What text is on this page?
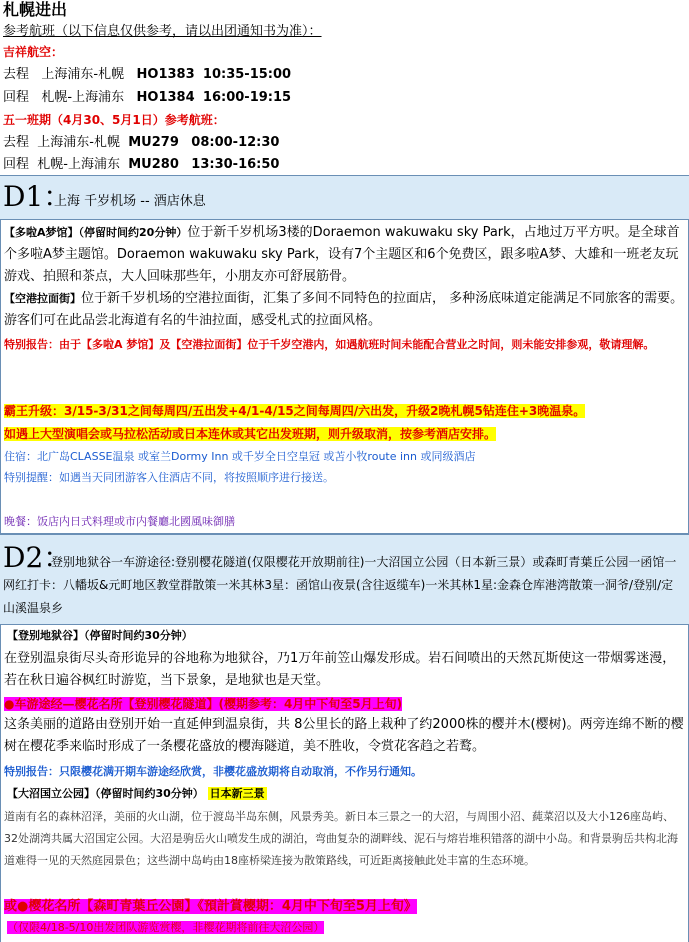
札幌进出
参考航班（以下信息仅供参考，请以出团通知书为准）：
吉祥航空：
去程 上海浦东-札幌 HO1383 10:35-15:00
回程 札幌-上海浦东 HO1384 16:00-19:15
五一班期（4月30、5月1日）参考航班：
去程 上海浦东-札幌 MU279 08:00-12:30
回程 札幌-上海浦东 MU280 13:30-16:50
D1：
上海 千岁机场 -- 酒店休息
【多啦A梦馆】（停留时间约20分钟）位于新千岁机场3楼的Doraemon wakuwaku sky Park，占地过万平方呎。是全球首个多啦A梦主题馆。Doraemon wakuwaku sky Park，设有7个主题区和6个免费区，跟多啦A梦、大雄和一班老友玩游戏、拍照和茶点，大人回味那些年，小朋友亦可舒展筋骨。
【空港拉面街】位于新千岁机场的空港拉面街，汇集了多间不同特色的拉面店， 多种汤底味道定能满足不同旅客的需要。游客们可在此品尝北海道有名的牛油拉面，感受札式的拉面风格。
特别报告：由于【多啦A 梦馆】及【空港拉面街】位于千岁空港内，如遇航班时间未能配合营业之时间，则未能安排参观，敬请理解。
霸王升级：3/15-3/31之间每周四/五出发+4/1-4/15之间每周四/六出发，升级2晚札幌5钻连住+3晚温泉。
如遇上大型演唱会或马拉松活动或日本连休或其它出发班期，则升级取消，按参考酒店安排。
住宿：北广岛CLASSE温泉 或室兰Dormy Inn 或千岁全日空皇冠 或苫小牧route inn 或同级酒店
特别提醒：如遇当天同团游客入住酒店不同，将按照顺序进行接送。
晚餐：饭店内日式料理或市内餐廳北國風味御膳
D2：
登别地狱谷一车游途径:登别樱花隧道(仅限樱花开放期前往)一大沼国立公园（日本新三景）或森町青葉丘公园一函馆一网红打卡：八幡坂&元町地区教堂群散策一米其林3星：函馆山夜景(含往返缆车)一米其林1星:金森仓库港湾散策一洞爷/登别/定山溪温泉乡
【登别地狱谷】（停留时间约30分钟）
在登别温泉街尽头奇形诡异的谷地称为地狱谷，乃1万年前笠山爆发形成。岩石间喷出的天然瓦斯使这一带烟雾迷漫，若在秋日遍谷枫红时游览，当下景象，是地狱也是天堂。
●车游途经—樱花名所【登别樱花隧道】(樱期参考：4月中下旬至5月上旬)
这条美丽的道路由登别开始一直延伸到温泉街，共 8公里长的路上栽种了约2000株的樱并木(樱树)。两旁连绵不断的樱树在樱花季来临时形成了一条樱花盛放的樱海隧道，美不胜收，令赏花客趋之若鹜。
特别报告：只限樱花满开期车游途经欣赏，非樱花盛放期将自动取消，不作另行通知。
【大沼国立公园】（停留时间约30分钟） 日本新三景
道南有名的森林沼泽，美丽的火山湖，位于渡岛半岛东侧，风景秀美。新日本三景之一的大沼，与周围小沼、蒓菜沼以及大小126座岛屿、32处湖湾共属大沼国定公园。大沼是驹岳火山喷发生成的湖泊，弯曲复杂的湖畔线、泥石与熔岩堆积错落的湖中小岛。和背景驹岳共构北海道难得一见的天然庭园景色；这些湖中岛屿由18座桥梁连接为散策路线，可近距离接触此处丰富的生态环境。
或●樱花名所【森町青葉丘公園】《預計賞櫻期：4月中下旬至5月上旬》
（仅限4/18-5/10出发团队游览赏樱，非樱花期将前往大沼公园）
